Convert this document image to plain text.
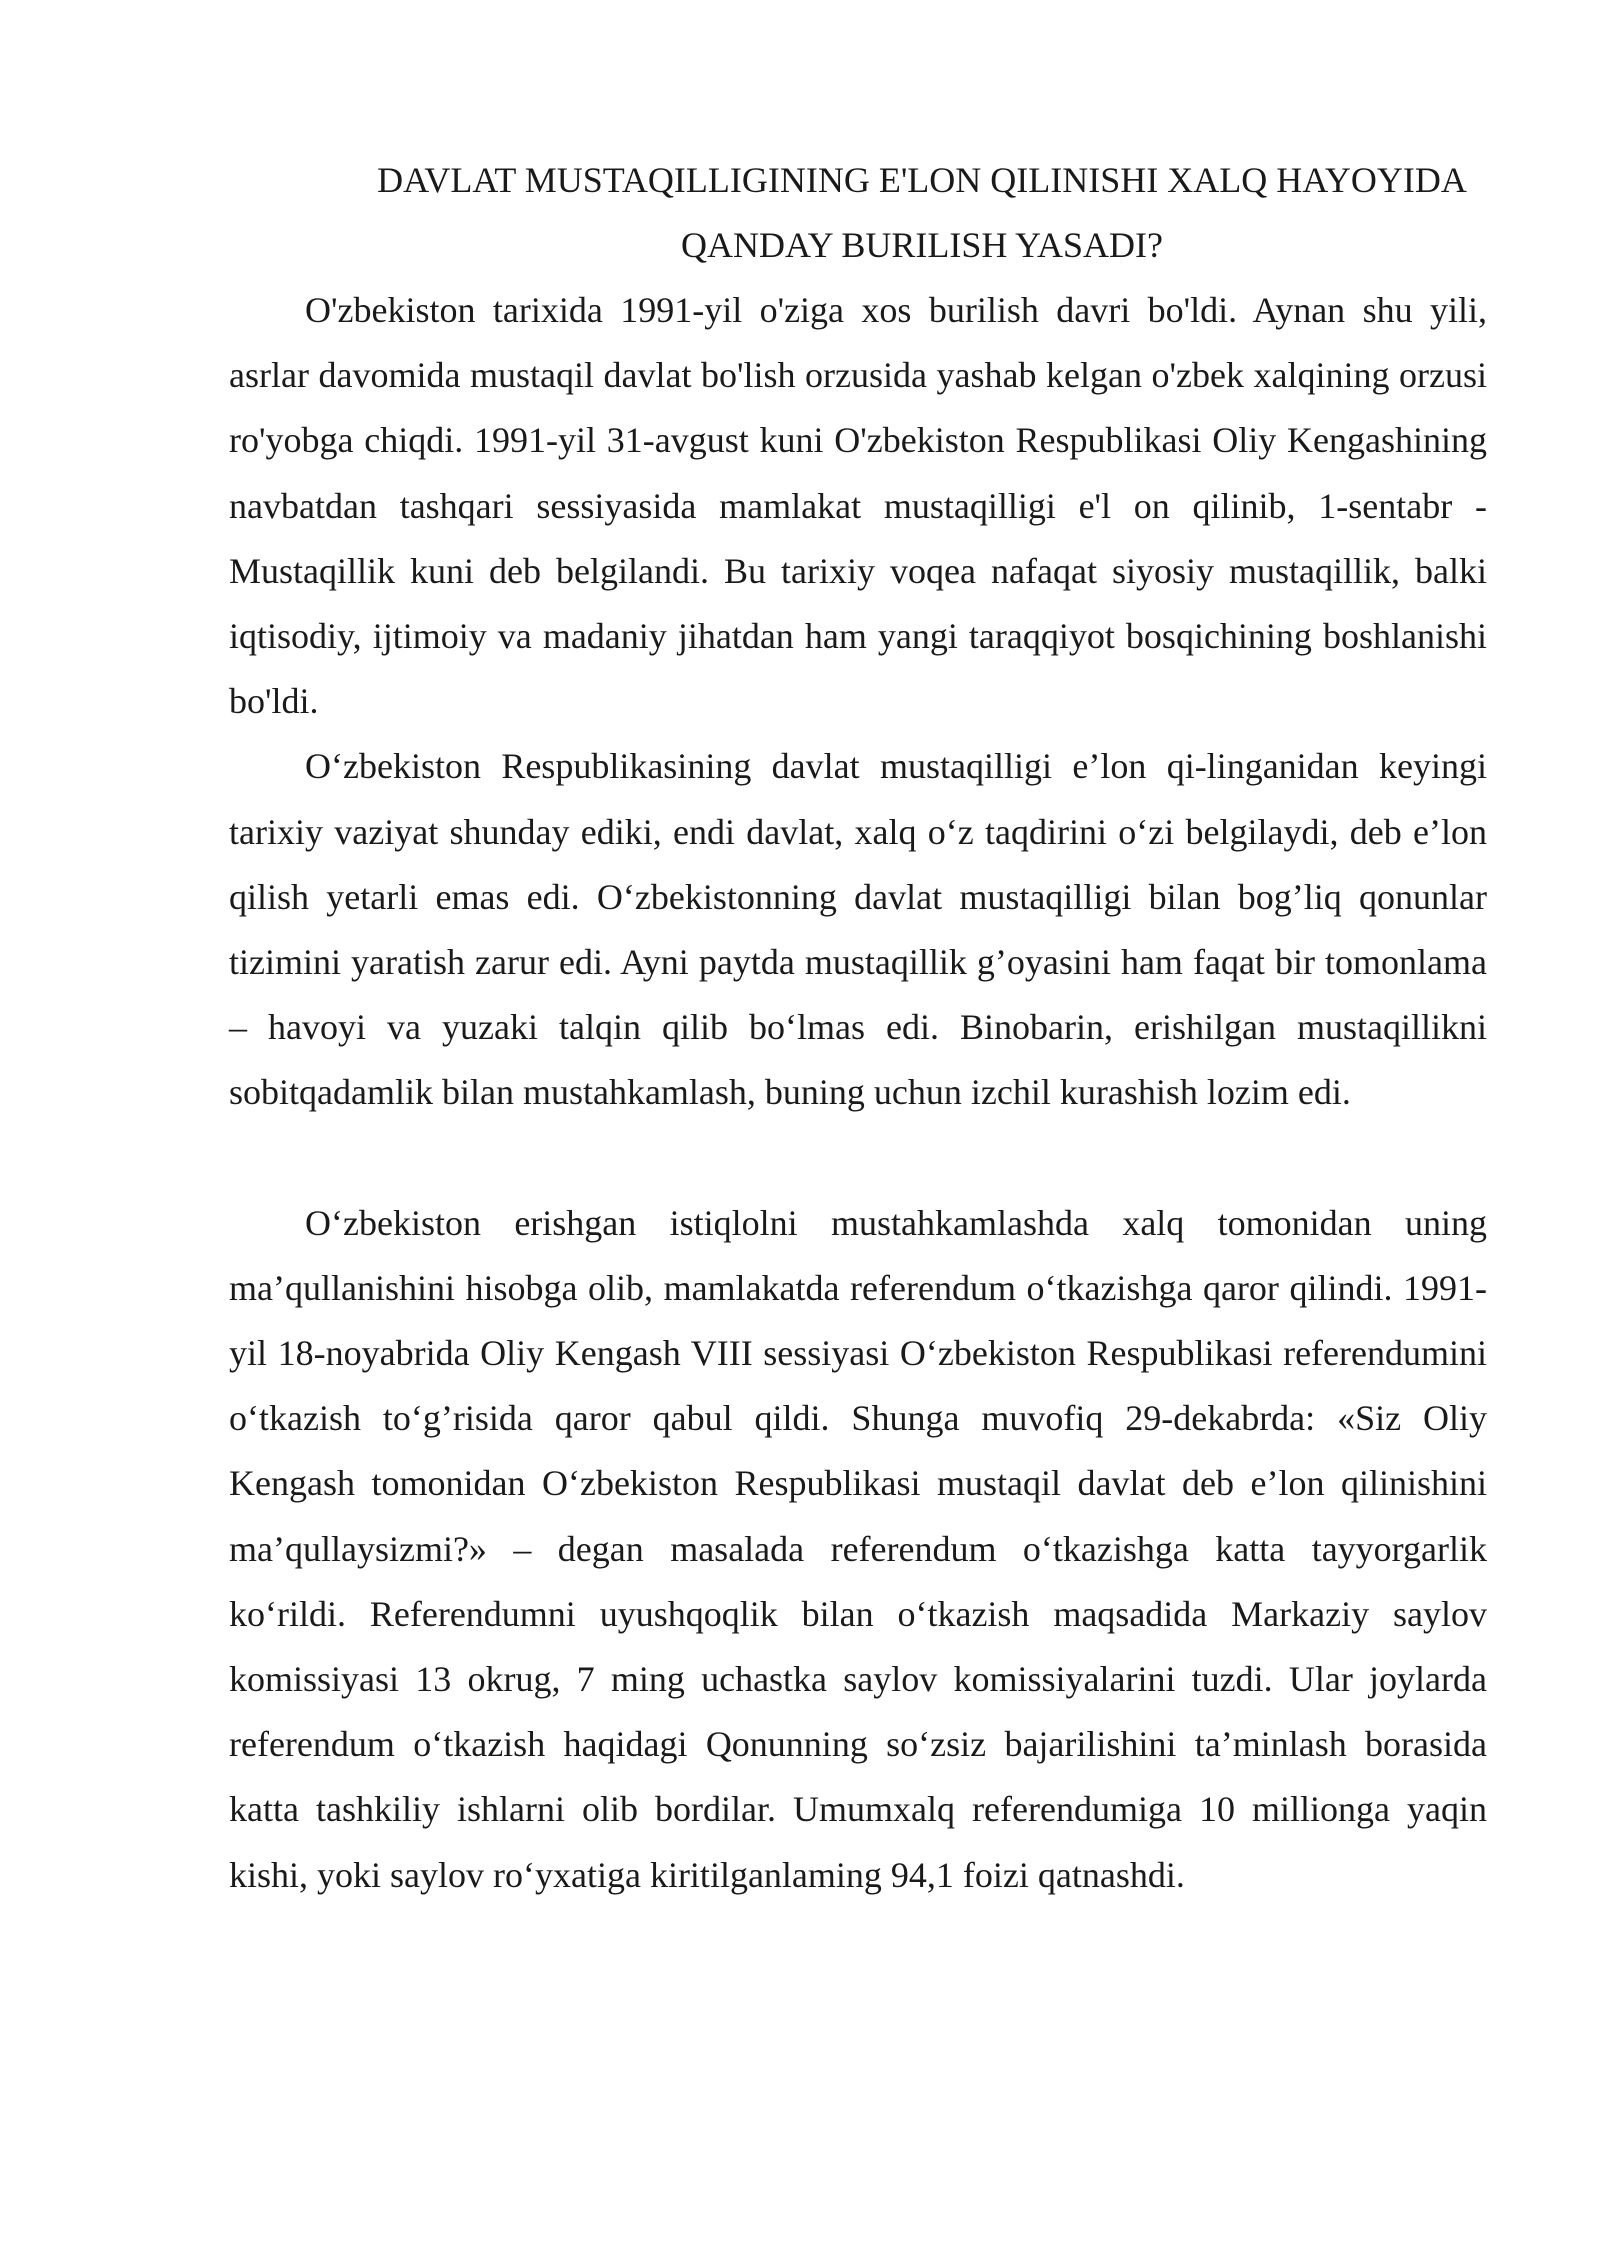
DAVLAT MUSTAQILLIGINING E'LON QILINISHI XALQ HAYOYIDA QANDAY BURILISH YASADI?

O'zbekiston tarixida 1991-yil o'ziga xos burilish davri bo'ldi. Aynan shu yili, asrlar davomida mustaqil davlat bo'lish orzusida yashab kelgan o'zbek xalqining orzusi ro'yobga chiqdi. 1991-yil 31-avgust kuni O'zbekiston Respublikasi Oliy Kengashining navbatdan tashqari sessiyasida mamlakat mustaqilligi e'l on qilinib, 1-sentabr - Mustaqillik kuni deb belgilandi. Bu tarixiy voqea nafaqat siyosiy mustaqillik, balki iqtisodiy, ijtimoiy va madaniy jihatdan ham yangi taraqqiyot bosqichining boshlanishi bo'ldi.

O‘zbekiston Respublikasining davlat mustaqilligi e’lon qi-linganidan keyingi tarixiy vaziyat shunday ediki, endi davlat, xalq o‘z taqdirini o‘zi belgilaydi, deb e’lon qilish yetarli emas edi. O‘zbekistonning davlat mustaqilligi bilan bog’liq qonunlar tizimini yaratish zarur edi. Ayni paytda mustaqillik g’oyasini ham faqat bir tomonlama – havoyi va yuzaki talqin qilib bo‘lmas edi. Binobarin, erishilgan mustaqillikni sobitqadamlik bilan mustahkamlash, buning uchun izchil kurashish lozim edi.

O‘zbekiston erishgan istiqlolni mustahkamlashda xalq tomonidan uning ma’qullanishini hisobga olib, mamlakatda referendum o‘tkazishga qaror qilindi. 1991-yil 18-noyabrida Oliy Kengash VIII sessiyasi O‘zbekiston Respublikasi referendumini o‘tkazish to‘g’risida qaror qabul qildi. Shunga muvofiq 29-dekabrda: «Siz Oliy Kengash tomonidan O‘zbekiston Respublikasi mustaqil davlat deb e’lon qilinishini ma’qullaysizmi?» – degan masalada referendum o‘tkazishga katta tayyorgarlik ko‘rildi. Referendumni uyushqoqlik bilan o‘tkazish maqsadida Markaziy saylov komissiyasi 13 okrug, 7 ming uchastka saylov komissiyalarini tuzdi. Ular joylarda referendum o‘tkazish haqidagi Qonunning so‘zsiz bajarilishini ta’minlash borasida katta tashkiliy ishlarni olib bordilar. Umumxalq referendumiga 10 millionga yaqin kishi, yoki saylov ro‘yxatiga kiritilganlaming 94,1 foizi qatnashdi.
